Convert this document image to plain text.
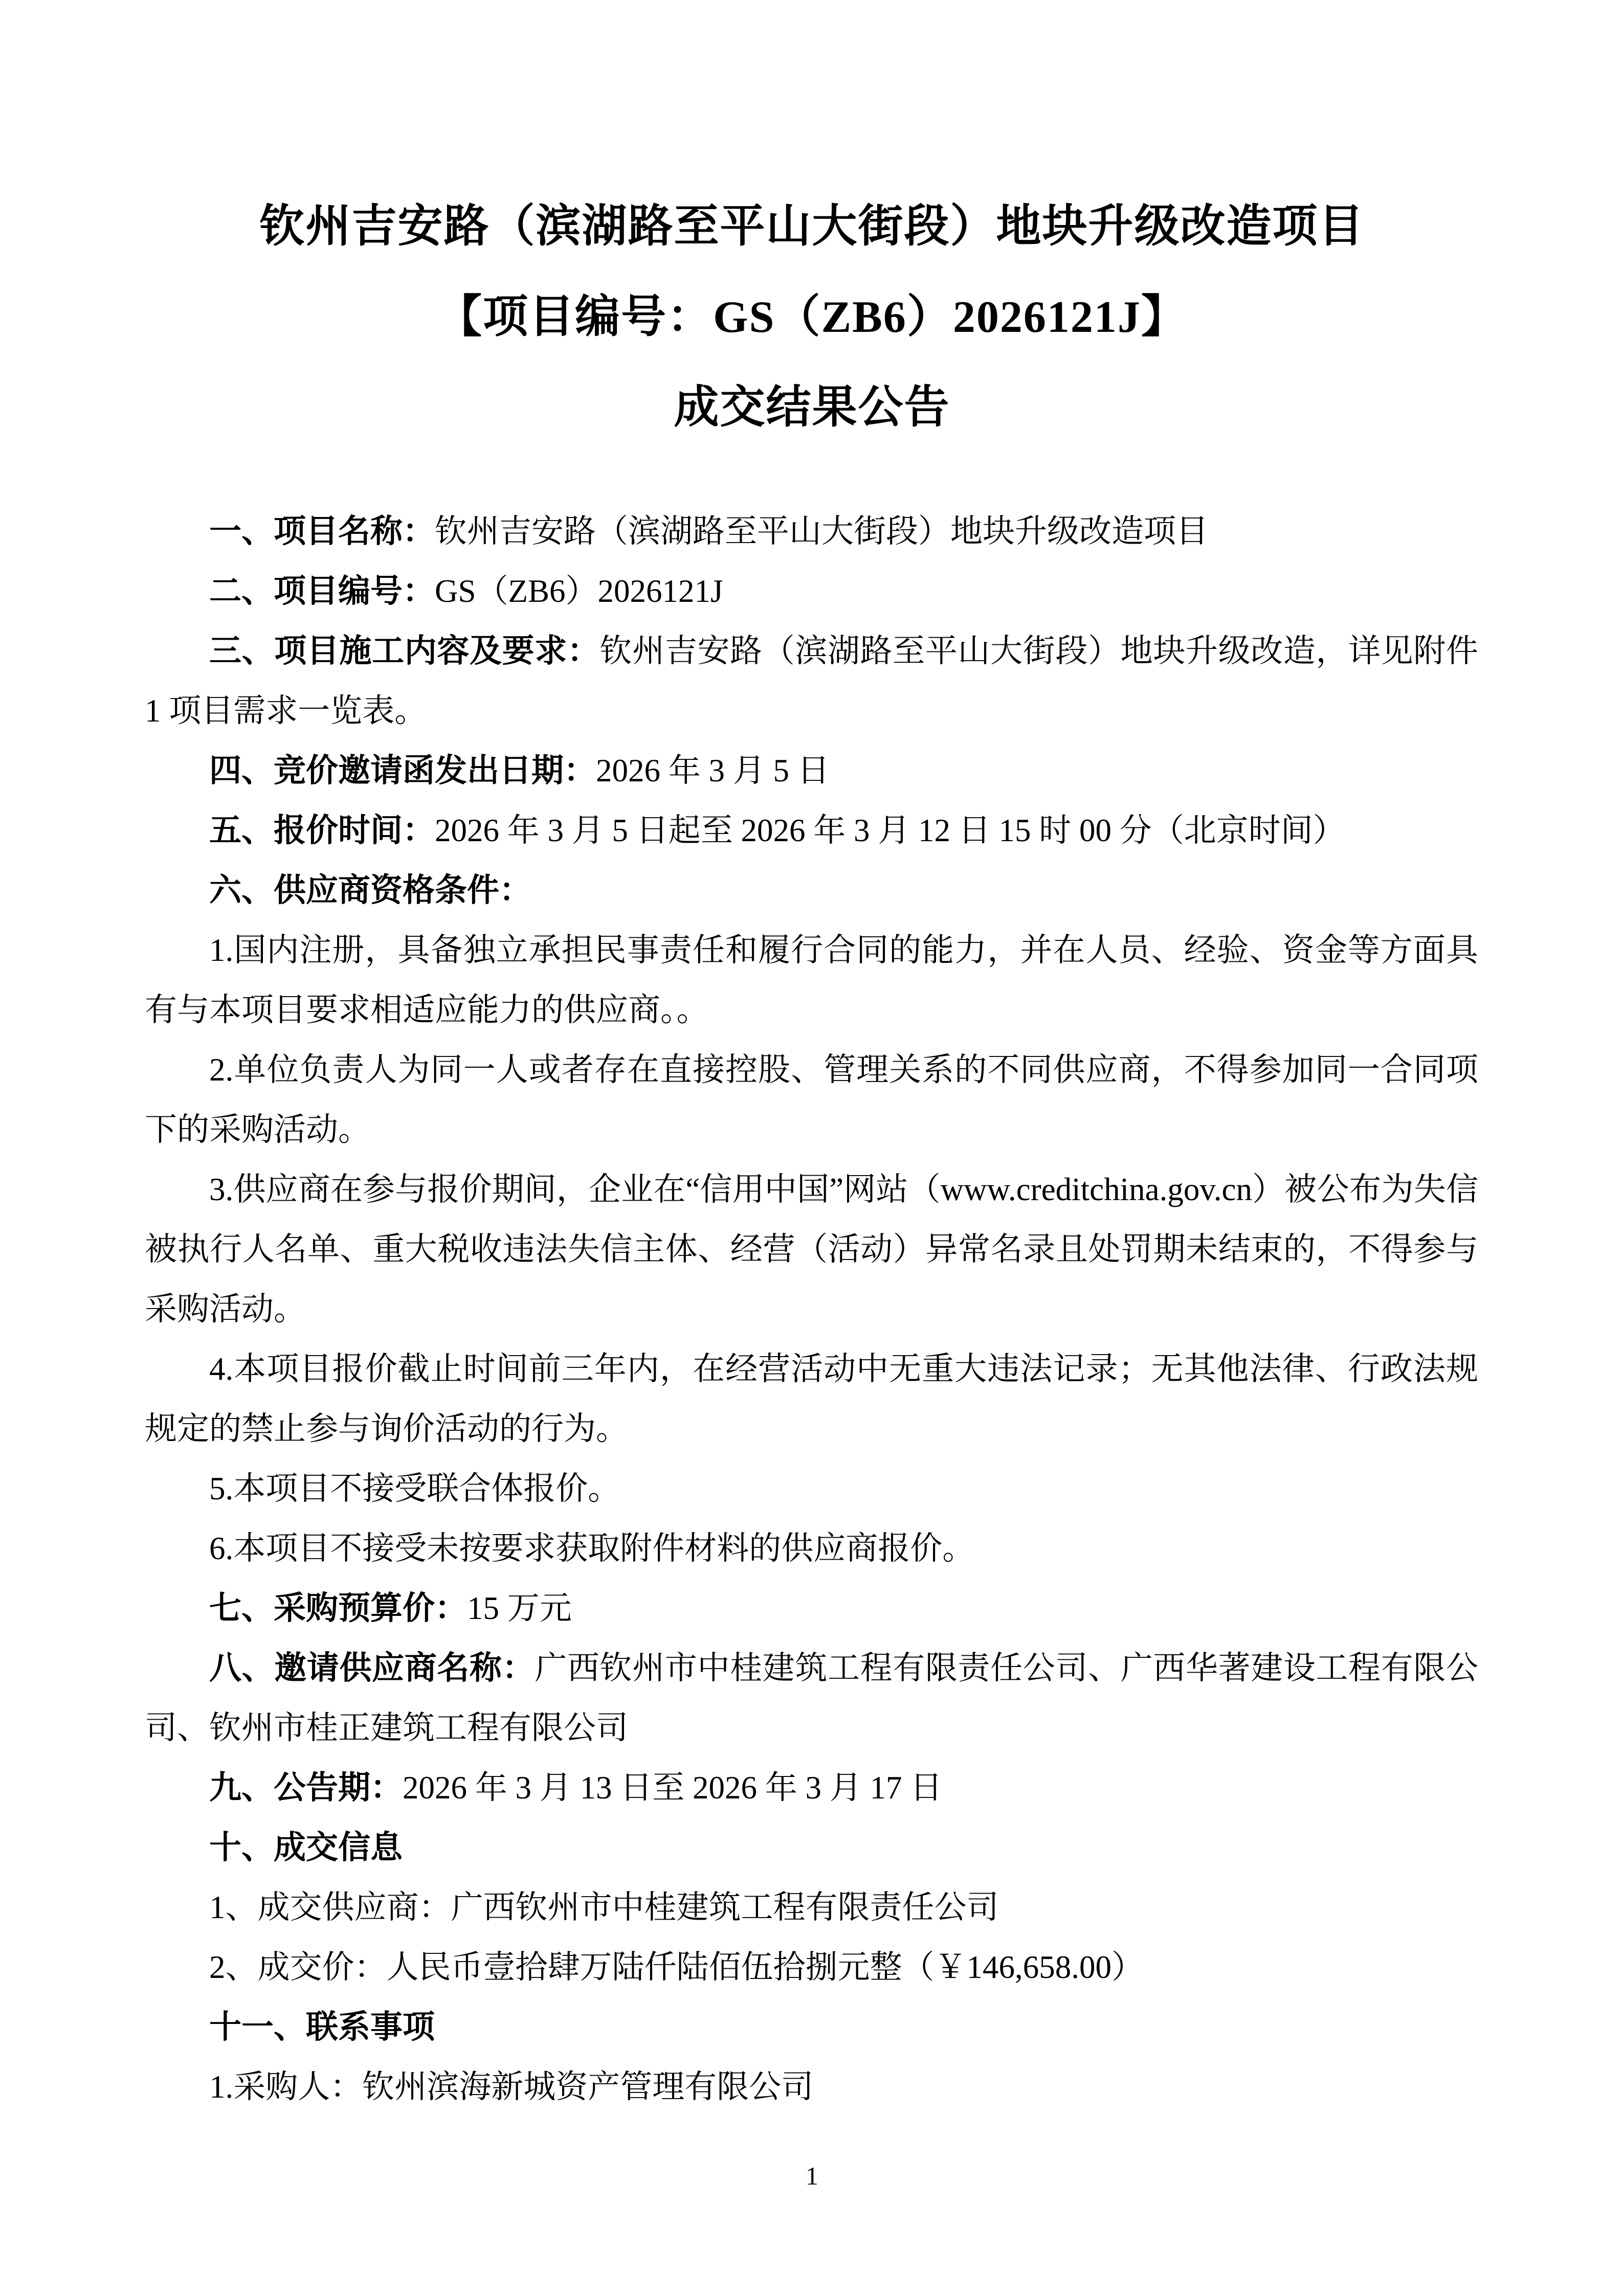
钦州吉安路（滨湖路至平山大街段）地块升级改造项目
【项目编号：GS（ZB6）2026121J】
成交结果公告

一、项目名称：钦州吉安路（滨湖路至平山大街段）地块升级改造项目

二、项目编号：GS（ZB6）2026121J

三、项目施工内容及要求：钦州吉安路（滨湖路至平山大街段）地块升级改造，详见附件 1 项目需求一览表。

四、竞价邀请函发出日期：2026 年 3 月 5 日

五、报价时间：2026 年 3 月 5 日起至 2026 年 3 月 12 日 15 时 00 分（北京时间）

六、供应商资格条件：

1.国内注册，具备独立承担民事责任和履行合同的能力，并在人员、经验、资金等方面具有与本项目要求相适应能力的供应商。。

2.单位负责人为同一人或者存在直接控股、管理关系的不同供应商，不得参加同一合同项下的采购活动。

3.供应商在参与报价期间，企业在“信用中国”网站（www.creditchina.gov.cn）被公布为失信被执行人名单、重大税收违法失信主体、经营（活动）异常名录且处罚期未结束的，不得参与采购活动。

4.本项目报价截止时间前三年内，在经营活动中无重大违法记录；无其他法律、行政法规规定的禁止参与询价活动的行为。

5.本项目不接受联合体报价。

6.本项目不接受未按要求获取附件材料的供应商报价。

七、采购预算价：15 万元

八、邀请供应商名称：广西钦州市中桂建筑工程有限责任公司、广西华著建设工程有限公司、钦州市桂正建筑工程有限公司

九、公告期：2026 年 3 月 13 日至 2026 年 3 月 17 日

十、成交信息

1、成交供应商：广西钦州市中桂建筑工程有限责任公司

2、成交价：人民币壹拾肆万陆仟陆佰伍拾捌元整（￥146,658.00）

十一、联系事项

1.采购人：钦州滨海新城资产管理有限公司

1
